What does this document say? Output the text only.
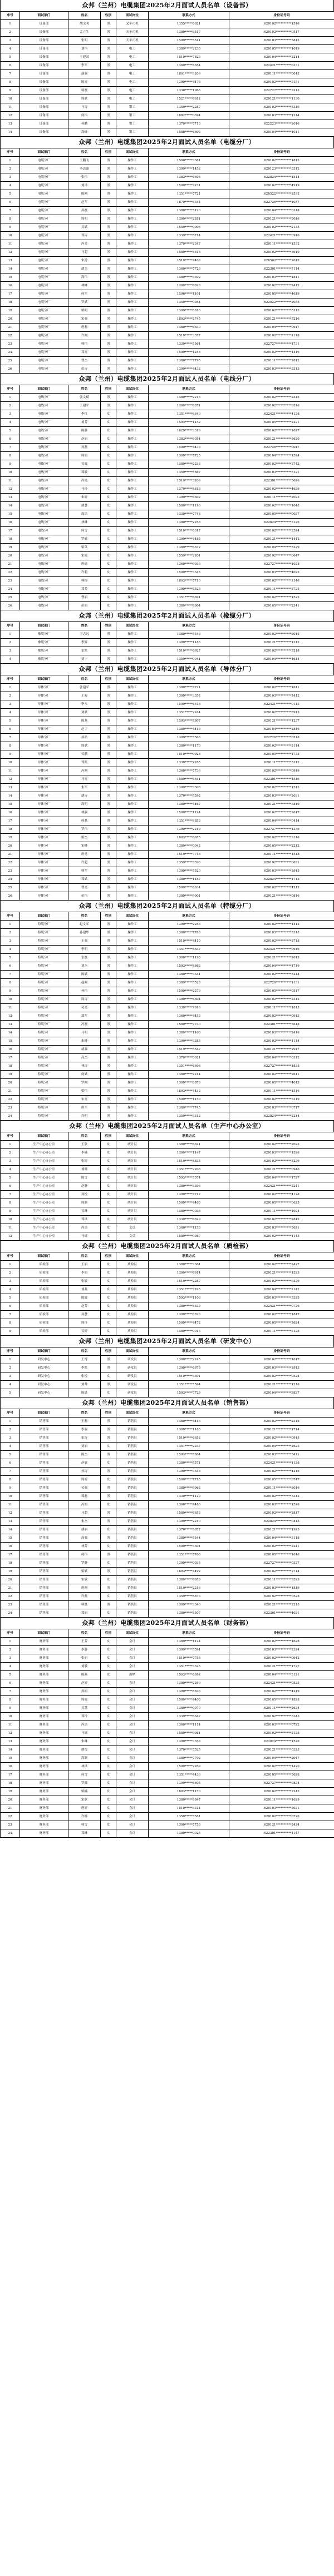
众邦（兰州）电缆集团2025年2月面试人员名单（设备部）
序号	面试部门	姓名	性别	面试岗位	联系方式	身份证号码
1	设备部	胡文明	男	叉车司机	1355*****8621	620102**********1516
2	设备部	孟立生	男	天车司机	1380*****3517	620102**********0517
3	设备部	张明	男	天车司机	1599*****5511	620103**********3812
4	设备部	刘伟	男	电工	1389*****2233	620105**********1019
5	设备部	王建国	男	电工	1519*****7826	620104**********2214
6	设备部	李军	男	电工	1369*****8654	622421**********6331
7	设备部	赵强	男	电工	1891*****3209	620111**********0012
8	设备部	陈亮	男	电工	1399*****4478	620102**********2151
9	设备部	杨磊	男	电工	1330*****1965	622727**********3213
10	设备部	周斌	男	电工	1521*****6612	620121**********1130
11	设备部	马涛	男	钳工	1359*****2287	620102**********5310
12	设备部	何伟	男	钳工	1882*****0394	620103**********1214
13	设备部	孙鹏	男	钳工	1370*****7713	622223**********2016
14	设备部	高峰	男	钳工	1588*****6602	620104**********1011
众邦（兰州）电缆集团2025年2月面试人员名单（电缆分厂）
序号	面试部门	姓名	性别	面试岗位	联系方式	身份证号码
1	电缆分厂	王鹏飞	男	操作工	1560*****3381	620102**********1813
2	电缆分厂	李志强	男	操作工	1399*****1452	620123**********3312
3	电缆分厂	张伟	男	操作工	1383*****6605	622824**********1514
4	电缆分厂	刘洋	男	操作工	1509*****9231	620102**********4919
5	电缆分厂	陈刚	男	操作工	1351*****7721	620522**********2532
6	电缆分厂	赵军	男	操作工	1879*****6344	622726**********1037
7	电缆分厂	孙磊	男	操作工	1389*****5120	620104**********0318
8	电缆分厂	周明	男	操作工	1399*****2281	620121**********5016
9	电缆分厂	吴斌	男	操作工	1559*****0096	620102**********2135
10	电缆分厂	郑涛	男	操作工	1339*****8714	622421**********0916
11	电缆分厂	冯亮	男	操作工	1370*****2347	620111**********1532
12	电缆分厂	马超	男	操作工	1589*****5518	620102**********3910
13	电缆分厂	朱勇	男	操作工	1519*****4403	620502**********2013
14	电缆分厂	胡杰	男	操作工	1360*****7726	622301**********7114
15	电缆分厂	高伟	男	操作工	1389*****3392	620103**********1811
16	电缆分厂	林峰	男	操作工	1399*****6628	620102**********2412
17	电缆分厂	何军	男	操作工	1596*****1101	620105**********4619
18	电缆分厂	罗斌	男	操作工	1350*****9954	622922**********2035
19	电缆分厂	梁明	男	操作工	1309*****8810	620102**********5313
20	电缆分厂	宋强	男	操作工	1893*****2745	620121**********3216
21	电缆分厂	唐磊	男	操作工	1389*****6630	620104**********0917
22	电缆分厂	许刚	男	操作工	1519*****3377	620102**********2118
23	电缆分厂	韩伟	男	操作工	1339*****5561	622727**********1731
24	电缆分厂	邓亮	男	操作工	1509*****1248	620102**********1416
25	电缆分厂	曹杰	男	操作工	1380*****7795	620111**********2812
26	电缆分厂	彭涛	男	操作工	1399*****4432	620103**********3313
众邦（兰州）电缆集团2025年2月面试人员名单（电线分厂）
序号	面试部门	姓名	性别	面试岗位	联系方式	身份证号码
1	电线分厂	张文斌	男	操作工	1389*****2216	620102**********2315
2	电线分厂	王建平	男	操作工	1399*****8871	620102**********0516
3	电线分厂	李红	女	操作工	1351*****6640	622421**********4128
4	电线分厂	刘芳	女	操作工	1593*****1152	620105**********2221
5	电线分厂	陈静	女	操作工	1829*****3319	620102**********1027
6	电线分厂	赵丽	女	操作工	1383*****9054	620121**********3620
7	电线分厂	孙燕	女	操作工	1509*****4438	622726**********0047
8	电线分厂	周娟	女	操作工	1399*****7725	620104**********1524
9	电线分厂	吴霞	女	操作工	1389*****2233	620102**********2742
10	电线分厂	郑敏	女	操作工	1359*****5567	620103**********3121
11	电线分厂	冯艳	女	操作工	1519*****3209	622301**********5626
12	电线分厂	马玲	女	操作工	1370*****8818	620102**********4629
13	电线分厂	朱婷	女	操作工	1399*****6602	620111**********2023
14	电线分厂	胡慧	女	操作工	1589*****1196	620102**********1045
15	电线分厂	高洁	女	操作工	1339*****7743	620105**********0027
16	电线分厂	林琳	女	操作工	1380*****2258	622824**********3126
17	电线分厂	何雪	女	操作工	1519*****0317	620102**********2524
18	电线分厂	罗敏	女	操作工	1399*****4485	620121**********1442
19	电线分厂	梁英	女	操作工	1389*****6672	620104**********3229
20	电线分厂	宋霞	女	操作工	1559*****2201	620102**********0647
21	电线分厂	唐瑜	女	操作工	1360*****9936	622727**********1028
22	电线分厂	许莉	女	操作工	1509*****3345	620103**********4023
23	电线分厂	韩梅	女	操作工	1893*****7710	620102**********2146
24	电线分厂	邓芳	女	操作工	1399*****5528	620111**********3725
25	电线分厂	曹丽	女	操作工	1351*****6691	620102**********1523
26	电线分厂	彭娟	女	操作工	1389*****8804	620105**********2341
众邦（兰州）电缆集团2025年2月面试人员名单（橡缆分厂）
序号	面试部门	姓名	性别	面试岗位	联系方式	身份证号码
1	橡缆分厂	王志远	男	操作工	1389*****5546	620102**********2015
2	橡缆分厂	李辉	男	操作工	1399*****1183	620121**********1312
3	橡缆分厂	张凯	男	操作工	1519*****6627	620102**********3218
4	橡缆分厂	刘宁	男	操作工	1359*****0941	620104**********1614
众邦（兰州）电缆集团2025年2月面试人员名单（导体分厂）
序号	面试部门	姓名	性别	面试岗位	联系方式	身份证号码
1	导体分厂	张建军	男	操作工	1389*****7721	620102**********1611
2	导体分厂	王海	男	操作工	1399*****3352	620103**********2412
3	导体分厂	李永	男	操作工	1509*****6618	622421**********0113
4	导体分厂	刘斌	男	操作工	1351*****2244	620102**********3915
5	导体分厂	陈龙	男	操作工	1593*****8807	620121**********1237
6	导体分厂	赵宇	男	操作工	1380*****4419	620104**********2816
7	导体分厂	孙浩	男	操作工	1399*****5563	622726**********0518
8	导体分厂	周斌	男	操作工	1389*****1170	620102**********2114
9	导体分厂	吴鹏	男	操作工	1519*****9928	620105**********1735
10	导体分厂	郑凯	男	操作工	1339*****2285	620111**********3312
11	导体分厂	冯刚	男	操作工	1360*****7736	620102**********0919
12	导体分厂	马亮	男	操作工	1589*****6641	622301**********4516
13	导体分厂	朱军	男	操作工	1399*****3308	620102**********1513
14	导体分厂	胡涛	男	操作工	1370*****5592	620103**********2031
15	导体分厂	高明	男	操作工	1389*****4467	620121**********3810
16	导体分厂	林强	男	操作工	1509*****1124	620102**********2617
17	导体分厂	何磊	男	操作工	1351*****8853	620104**********0414
18	导体分厂	罗伟	男	操作工	1399*****2219	622727**********1339
19	导体分厂	梁杰	男	操作工	1893*****6675	620102**********3116
20	导体分厂	宋峰	男	操作工	1389*****0042	620105**********2212
21	导体分厂	唐勇	男	操作工	1519*****7718	620111**********1518
22	导体分厂	许超	男	操作工	1359*****3396	620102**********0631
23	导体分厂	韩军	男	操作工	1399*****5520	620103**********2915
24	导体分厂	邓斌	男	操作工	1380*****1187	622824**********1713
25	导体分厂	曹亮	男	操作工	1509*****6634	620102**********4212
26	导体分厂	彭伟	男	操作工	1389*****9901	620121**********0816
众邦（兰州）电缆集团2025年2月面试人员名单（特缆分厂）
序号	面试部门	姓名	性别	面试岗位	联系方式	身份证号码
1	特缆分厂	赵文军	男	操作工	1399*****2256	620102**********1412
2	特缆分厂	孙建华	男	操作工	1389*****7783	620103**********3315
3	特缆分厂	王强	男	操作工	1519*****4410	620102**********2718
4	特缆分厂	李明	男	操作工	1351*****6637	622421**********0916
5	特缆分厂	张磊	男	操作工	1399*****1195	620121**********2013
6	特缆分厂	刘杰	男	操作工	1593*****8862	620104**********1719
7	特缆分厂	陈斌	男	操作工	1380*****3341	620102**********3214
8	特缆分厂	赵刚	男	操作工	1389*****5528	622726**********1131
9	特缆分厂	孙伟	男	操作工	1509*****2279	620105**********0517
10	特缆分厂	周涛	男	操作工	1399*****6604	620102**********2312
11	特缆分厂	吴亮	男	操作工	1339*****9916	620111**********1815
12	特缆分厂	郑军	男	操作工	1360*****4453	620102**********0913
13	特缆分厂	冯磊	男	操作工	1589*****7730	622301**********3618
14	特缆分厂	马明	男	操作工	1389*****1168	620103**********2416
15	特缆分厂	朱峰	男	操作工	1399*****3385	620102**********1114
16	特缆分厂	胡强	男	操作工	1519*****5547	620121**********2917
17	特缆分厂	高杰	男	操作工	1370*****0021	620104**********0312
18	特缆分厂	林涛	男	操作工	1351*****6698	622727**********1835
19	特缆分厂	何斌	男	操作工	1389*****2214	620102**********2611
20	特缆分厂	罗刚	男	操作工	1399*****8876	620105**********4013
21	特缆分厂	梁伟	男	操作工	1893*****4432	620111**********1516
22	特缆分厂	宋亮	男	操作工	1509*****1159	620102**********3319
23	特缆分厂	唐军	男	操作工	1389*****7745	620103**********0717
24	特缆分厂	许明	男	操作工	1359*****3312	622824**********2214
众邦（兰州）电缆集团2025年2月面试人员名单（生产中心办公室）
序号	面试部门	姓名	性别	面试岗位	联系方式	身份证号码
1	生产中心办公室	王欣	女	统计员	1389*****6621	620102**********2023
2	生产中心办公室	李楠	女	统计员	1399*****1147	620103**********1526
3	生产中心办公室	张婷	女	统计员	1519*****8835	620102**********3229
4	生产中心办公室	刘娜	女	统计员	1351*****2208	620121**********0946
5	生产中心办公室	陈雪	女	统计员	1593*****5574	620104**********1727
6	生产中心办公室	赵静	女	统计员	1380*****3396	622421**********2241
7	生产中心办公室	孙悦	女	统计员	1399*****7712	620102**********4128
8	生产中心办公室	周颖	女	统计员	1509*****4465	620105**********0625
9	生产中心办公室	吴琳	女	统计员	1389*****0038	620111**********1924
10	生产中心办公室	郑琪	女	统计员	1339*****6629	620102**********2842
11	生产中心办公室	冯洁	女	文员	1360*****1153	620103**********3621
12	生产中心办公室	马瑶	女	文员	1589*****9987	620102**********1145
众邦（兰州）电缆集团2025年2月面试人员名单（质检部）
序号	面试部门	姓名	性别	面试岗位	联系方式	身份证号码
1	质检部	王丽	女	质检员	1389*****3361	620102**********2427
2	质检部	李娟	女	质检员	1399*****6614	620121**********1523
3	质检部	张敏	女	质检员	1519*****2287	620102**********0329
4	质检部	刘燕	女	质检员	1351*****7745	620104**********2142
5	质检部	陈霞	女	质检员	1593*****1108	620103**********3325
6	质检部	赵芳	女	质检员	1380*****5539	622421**********0726
7	质检部	孙慧	女	质检员	1399*****8826	620102**********1847
8	质检部	周玲	女	质检员	1509*****4472	620105**********2624
9	质检部	吴婷	女	质检员	1389*****0013	620111**********3128
众邦（兰州）电缆集团2025年2月面试人员名单（研发中心）
序号	面试部门	姓名	性别	面试岗位	联系方式	身份证号码
1	研发中心	王博	男	研发员	1389*****2245	620102**********1617
2	研发中心	李凯	男	研发员	1399*****6678	620103**********2913
3	研发中心	张悦	女	研发员	1519*****3301	620102**********0524
4	研发中心	刘帅	男	研发员	1351*****5594	620121**********1216
5	研发中心	陈晨	女	研发员	1593*****7729	620104**********3827
众邦（兰州）电缆集团2025年2月面试人员名单（销售部）
序号	面试部门	姓名	性别	面试岗位	联系方式	身份证号码
1	销售部	王磊	男	销售员	1389*****4416	620102**********2318
2	销售部	李强	男	销售员	1399*****1183	620121**********1714
3	销售部	张涛	男	销售员	1519*****6652	620102**********0915
4	销售部	刘丽	女	销售员	1351*****2237	620104**********2623
5	销售部	陈杰	男	销售员	1593*****8804	620103**********3411
6	销售部	赵敏	女	销售员	1380*****5571	622421**********1128
7	销售部	孙涛	男	销售员	1399*****3348	620102**********4216
8	销售部	周婷	女	销售员	1509*****7715	620105**********0747
9	销售部	吴强	男	销售员	1389*****9962	620111**********2019
10	销售部	郑磊	男	销售员	1339*****1129	620102**********3312
11	销售部	冯娟	女	销售员	1360*****4486	620103**********1526
12	销售部	马超	男	销售员	1589*****6653	620102**********2817
13	销售部	朱杰	男	销售员	1399*****2210	622824**********0413
14	销售部	胡丽	女	销售员	1370*****8877	620121**********1925
15	销售部	高强	男	销售员	1389*****5544	620104**********3118
16	销售部	林芳	女	销售员	1509*****3301	620102**********2241
17	销售部	何伟	男	销售员	1351*****7768	620105**********1616
18	销售部	罗静	女	销售员	1399*****0035	622727**********0327
19	销售部	梁斌	男	销售员	1893*****4492	620102**********2714
20	销售部	宋敏	女	销售员	1389*****6659	620111**********3523
21	销售部	唐刚	男	销售员	1519*****2216	620103**********1819
22	销售部	许燕	女	销售员	1359*****8873	620102**********0528
23	销售部	韩磊	男	销售员	1399*****3340	620121**********2215
24	销售部	邓丽	女	销售员	1380*****5507	622301**********4021
众邦（兰州）电缆集团2025年2月面试人员名单（财务部）
序号	面试部门	姓名	性别	面试岗位	联系方式	身份证号码
1	财务部	王芳	女	会计	1389*****1124	620102**********1628
2	财务部	李静	女	会计	1399*****5591	620103**********2324
3	财务部	张丽	女	会计	1519*****7758	620102**********0942
4	财务部	刘敏	女	会计	1351*****3325	620121**********1727
5	财务部	陈燕	女	出纳	1593*****6692	620104**********3121
6	财务部	赵婷	女	会计	1380*****2269	622421**********0525
7	财务部	孙娟	女	会计	1399*****8836	620102**********4249
8	财务部	周霞	女	会计	1509*****4403	620105**********1828
9	财务部	吴慧	女	会计	1389*****0070	620111**********2624
10	财务部	郑玲	女	会计	1339*****6647	620102**********3343
11	财务部	冯洁	女	会计	1360*****1114	620103**********0722
12	财务部	马瑶	女	会计	1589*****9981	620102**********2125
13	财务部	朱琳	女	会计	1399*****3358	622824**********1526
14	财务部	胡悦	女	会计	1370*****5525	620121**********0323
15	财务部	高颖	女	会计	1389*****7792	620104**********2947
16	财务部	林琪	女	会计	1509*****2269	620102**********1420
17	财务部	何雪	女	会计	1351*****4436	620105**********3628
18	财务部	罗娜	女	会计	1399*****6603	622727**********0824
19	财务部	梁楠	女	会计	1893*****1170	620102**********2243
20	财务部	宋欣	女	会计	1389*****8847	620111**********1629
21	财务部	唐婷	女	会计	1519*****3314	620103**********3021
22	财务部	许娜	女	会计	1359*****5581	620102**********0726
23	财务部	韩雪	女	会计	1399*****7758	620121**********2424
24	财务部	邓琳	女	会计	1380*****0025	622301**********1147
